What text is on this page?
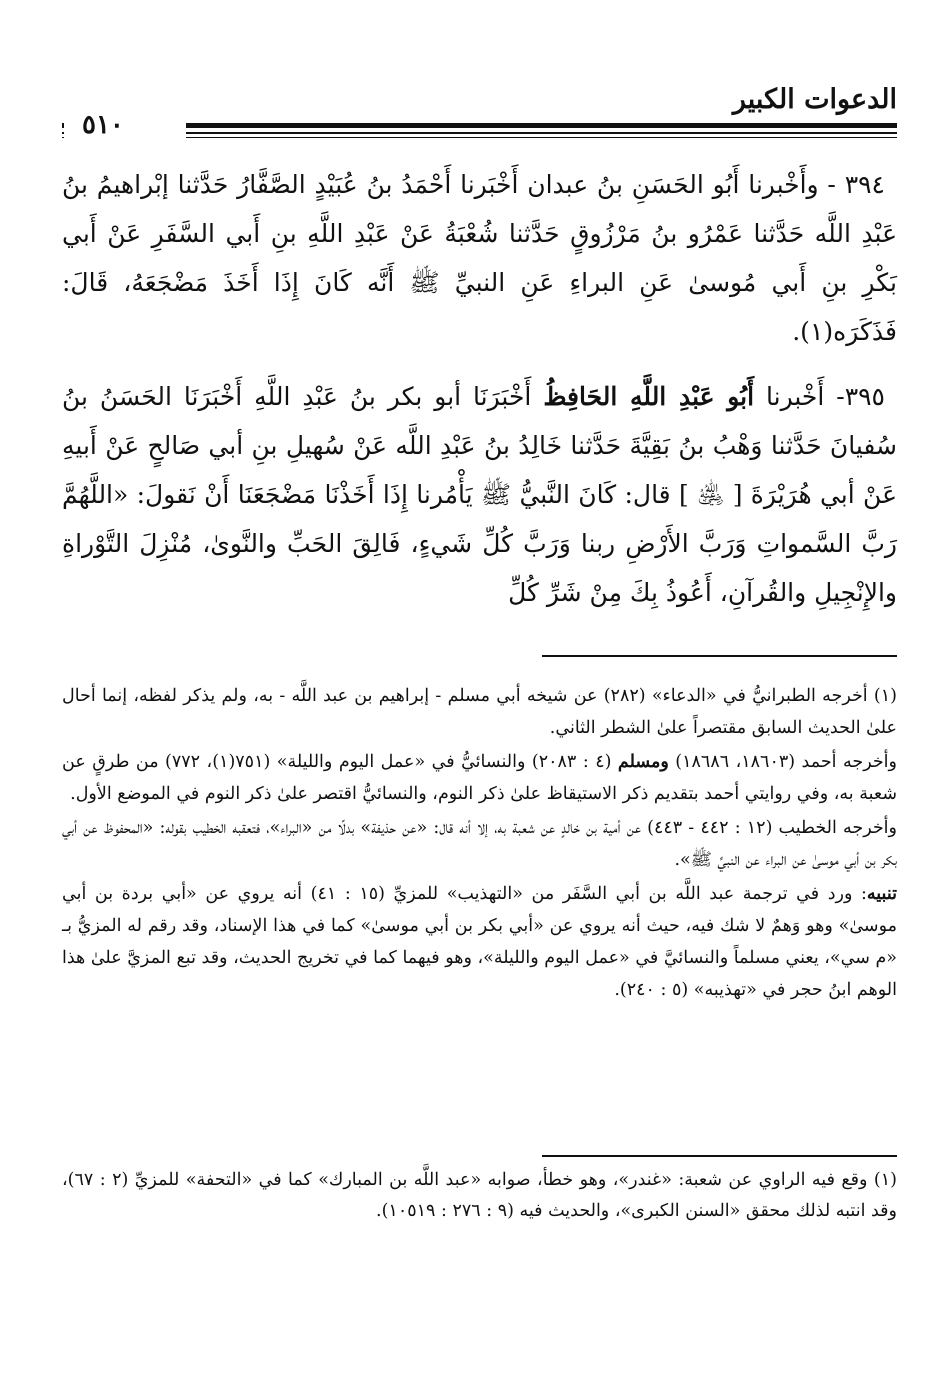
الدعوات الكبير
٥١٠

٣٩٤ - وأَخْبرنا أَبُو الحَسَنِ بنُ عبدان أَخْبَرنا أَحْمَدُ بنُ عُبَيْدٍ الصَّفَّارُ حَدَّثنا إبْراهيمُ بنُ عَبْدِ اللَّه حَدَّثنا عَمْرُو بنُ مَرْزُوقٍ حَدَّثنا شُعْبَةُ عَنْ عَبْدِ اللَّهِ بنِ أَبي السَّفَرِ عَنْ أَبي بَكْرِ بنِ أَبي مُوسىٰ عَنِ البراءِ عَنِ النبيِّ ﷺ أَنَّه كَانَ إِذَا أَخَذَ مَضْجَعَهُ، قَالَ: فَذَكَرَه(١).

٣٩٥- أَخْبرنا أَبُو عَبْدِ اللَّهِ الحَافِظُ أَخْبَرَنَا أبو بكر بنُ عَبْدِ اللَّهِ أَخْبَرَنَا الحَسَنُ بنُ سُفيانَ حَدَّثنا وَهْبُ بنُ بَقِيَّةَ حَدَّثنا خَالِدُ بنُ عَبْدِ اللَّه عَنْ سُهيلِ بنِ أبي صَالحٍ عَنْ أَبيهِ عَنْ أبي هُرَيْرَةَ [ ﵁ ] قال: كَانَ النَّبيُّ ﷺ يَأْمُرنا إِذَا أَخَذْنَا مَضْجَعَنَا أَنْ نَقولَ: «اللَّهُمَّ رَبَّ السَّمواتِ وَرَبَّ الأَرْضِ ربنا وَرَبَّ كُلِّ شَيءٍ، فَالِقَ الحَبِّ والنَّوىٰ، مُنْزِلَ التَّوْراةِ والإِنْجِيلِ والقُرآنِ، أَعُوذُ بِكَ مِنْ شَرِّ كُلِّ

(١) أخرجه الطبرانيُّ في «الدعاء» (٢٨٢) عن شيخه أبي مسلم - إبراهيم بن عبد اللَّه - به، ولم يذكر لفظه، إنما أحال علىٰ الحديث السابق مقتصراً علىٰ الشطر الثاني.

وأخرجه أحمد (١٨٦٠٣، ١٨٦٨٦) ومسلم (٤ : ٢٠٨٣) والنسائيُّ في «عمل اليوم والليلة» (٧٥١(١)، ٧٧٢) من طرقٍ عن شعبة به، وفي روايتي أحمد بتقديم ذكر الاستيقاظ علىٰ ذكر النوم، والنسائيُّ اقتصر علىٰ ذكر النوم في الموضع الأول.

وأخرجه الخطيب (١٢ : ٤٤٢ - ٤٤٣) عن أمية بن خالدٍ عن شعبة به، إلا أنه قال: «عن حذيفة» بدلًا من «البراء»، فتعقبه الخطيب بقوله: «المحفوظ عن أبي بكر بن أبي موسىٰ عن البراء عن النبيِّ ﷺ».

تنبيه: ورد في ترجمة عبد اللَّه بن أبي السَّفَر من «التهذيب» للمزيِّ (١٥ : ٤١) أنه يروي عن «أبي بردة بن أبي موسىٰ» وهو وَهمٌ لا شك فيه، حيث أنه يروي عن «أبي بكر بن أبي موسىٰ» كما في هذا الإسناد، وقد رقم له المزيُّ بـ «م سي»، يعني مسلماً والنسائيَّ في «عمل اليوم والليلة»، وهو فيهما كما في تخريج الحديث، وقد تبع المزيَّ علىٰ هذا الوهم ابنُ حجر في «تهذيبه» (٥ : ٢٤٠).

(١) وقع فيه الراوي عن شعبة: «غندر»، وهو خطأ، صوابه «عبد اللَّه بن المبارك» كما في «التحفة» للمزيِّ (٢ : ٦٧)، وقد انتبه لذلك محقق «السنن الكبرى»، والحديث فيه (٩ : ٢٧٦ : ١٠٥١٩).
